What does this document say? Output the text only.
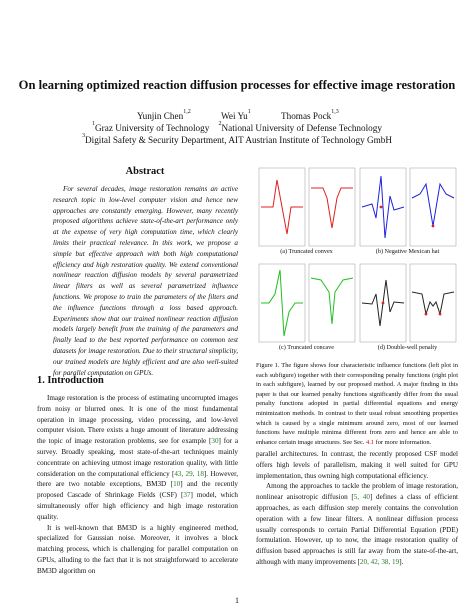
On learning optimized reaction diffusion processes for effective image restoration
Yunjin Chen$^{1,2}$	Wei Yu$^1$	Thomas Pock$^{1,3}$
$^1$Graz University of Technology $^2$National University of Defense Technology
$^3$Digital Safety & Security Department, AIT Austrian Institute of Technology GmbH
Abstract

For several decades, image restoration remains an active research topic in low-level computer vision and hence new approaches are constantly emerging. However, many recently proposed algorithms achieve state-of-the-art performance only at the expense of very high computation time, which clearly limits their practical relevance. In this work, we propose a simple but effective approach with both high computational efficiency and high restoration quality. We extend conventional nonlinear reaction diffusion models by several parametrized linear filters as well as several parametrized influence functions. We propose to train the parameters of the filters and the influence functions through a loss based approach. Experiments show that our trained nonlinear reaction diffusion models largely benefit from the training of the parameters and finally lead to the best reported performance on common test datasets for image restoration. Due to their structural simplicity, our trained models are highly efficient and are also well-suited for parallel computation on GPUs.

1. Introduction

Image restoration is the process of estimating uncorrupted images from noisy or blurred ones. It is one of the most fundamental operation in image processing, video processing, and low-level computer vision. There exists a huge amount of literature addressing the topic of image restoration problems, see for example [30] for a survey. Broadly speaking, most state-of-the-art techniques mainly concentrate on achieving utmost image restoration quality, with little consideration on the computational efficiency [43, 29, 18]. However, there are two notable exceptions, BM3D [10] and the recently proposed Cascade of Shrinkage Fields (CSF) [37] model, which simultaneously offer high efficiency and high image restoration quality.

It is well-known that BM3D is a highly engineered method, specialized for Gaussian noise. Moreover, it involves a block matching process, which is challenging for parallel computation on GPUs, alluding to the fact that it is not straightforward to accelerate BM3D algorithm on

(a) Truncated convex	(b) Negative Mexican hat
(c) Truncated concave	(d) Double-well penalty
Figure 1. The figure shows four characteristic influence functions (left plot in each subfigure) together with their corresponding penalty functions (right plot in each subfigure), learned by our proposed method. A major finding in this paper is that our learned penalty functions significantly differ from the usual penalty functions adopted in partial differential equations and energy minimization methods. In contrast to their usual robust smoothing properties which is caused by a single minimum around zero, most of our learned functions have multiple minima different from zero and hence are able to enhance certain image structures. See Sec. 4.1 for more information.

parallel architectures. In contrast, the recently proposed CSF model offers high levels of parallelism, making it well suited for GPU implementation, thus owning high computational efficiency.

Among the approaches to tackle the problem of image restoration, nonlinear anisotropic diffusion [5, 40] defines a class of efficient approaches, as each diffusion step merely contains the convolution operation with a few linear filters. A nonlinear diffusion process usually corresponds to certain Partial Differential Equation (PDE) formulation. However, up to now, the image restoration quality of diffusion based approaches is still far away from the state-of-the-art, although with many improvements [20, 42, 38, 19].

1
